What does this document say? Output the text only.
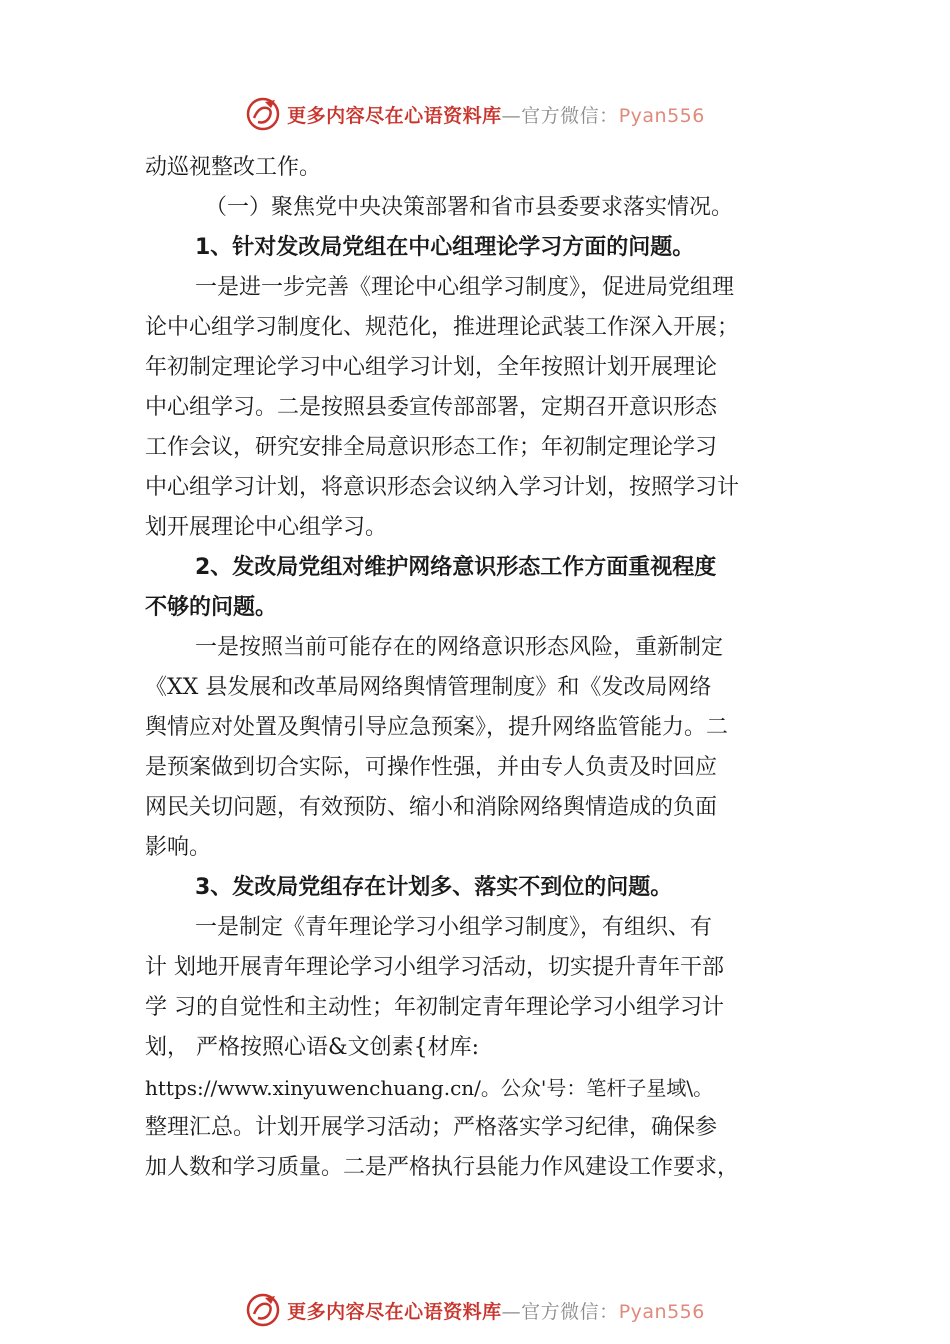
更多内容尽在心语资料库—官方微信：Pyan556
动巡视整改工作。
（一）聚焦党中央决策部署和省市县委要求落实情况。
1、针对发改局党组在中心组理论学习方面的问题。
一是进一步完善《理论中心组学习制度》，促进局党组理
论中心组学习制度化、规范化，推进理论武装工作深入开展；
年初制定理论学习中心组学习计划，全年按照计划开展理论
中心组学习。二是按照县委宣传部部署，定期召开意识形态
工作会议，研究安排全局意识形态工作；年初制定理论学习
中心组学习计划，将意识形态会议纳入学习计划，按照学习计
划开展理论中心组学习。
2、发改局党组对维护网络意识形态工作方面重视程度
不够的问题。
一是按照当前可能存在的网络意识形态风险，重新制定
《XX 县发展和改革局网络舆情管理制度》和《发改局网络
舆情应对处置及舆情引导应急预案》，提升网络监管能力。二
是预案做到切合实际，可操作性强，并由专人负责及时回应
网民关切问题，有效预防、缩小和消除网络舆情造成的负面
影响。
3、发改局党组存在计划多、落实不到位的问题。
一是制定《青年理论学习小组学习制度》，有组织、有
计 划地开展青年理论学习小组学习活动，切实提升青年干部
学 习的自觉性和主动性；年初制定青年理论学习小组学习计
划， 严格按照心语&文创素{材库:
https://www.xinyuwenchuang.cn/。公众'号：笔杆子星域\。
整理汇总。计划开展学习活动；严格落实学习纪律，确保参
加人数和学习质量。二是严格执行县能力作风建设工作要求，
更多内容尽在心语资料库—官方微信：Pyan556
